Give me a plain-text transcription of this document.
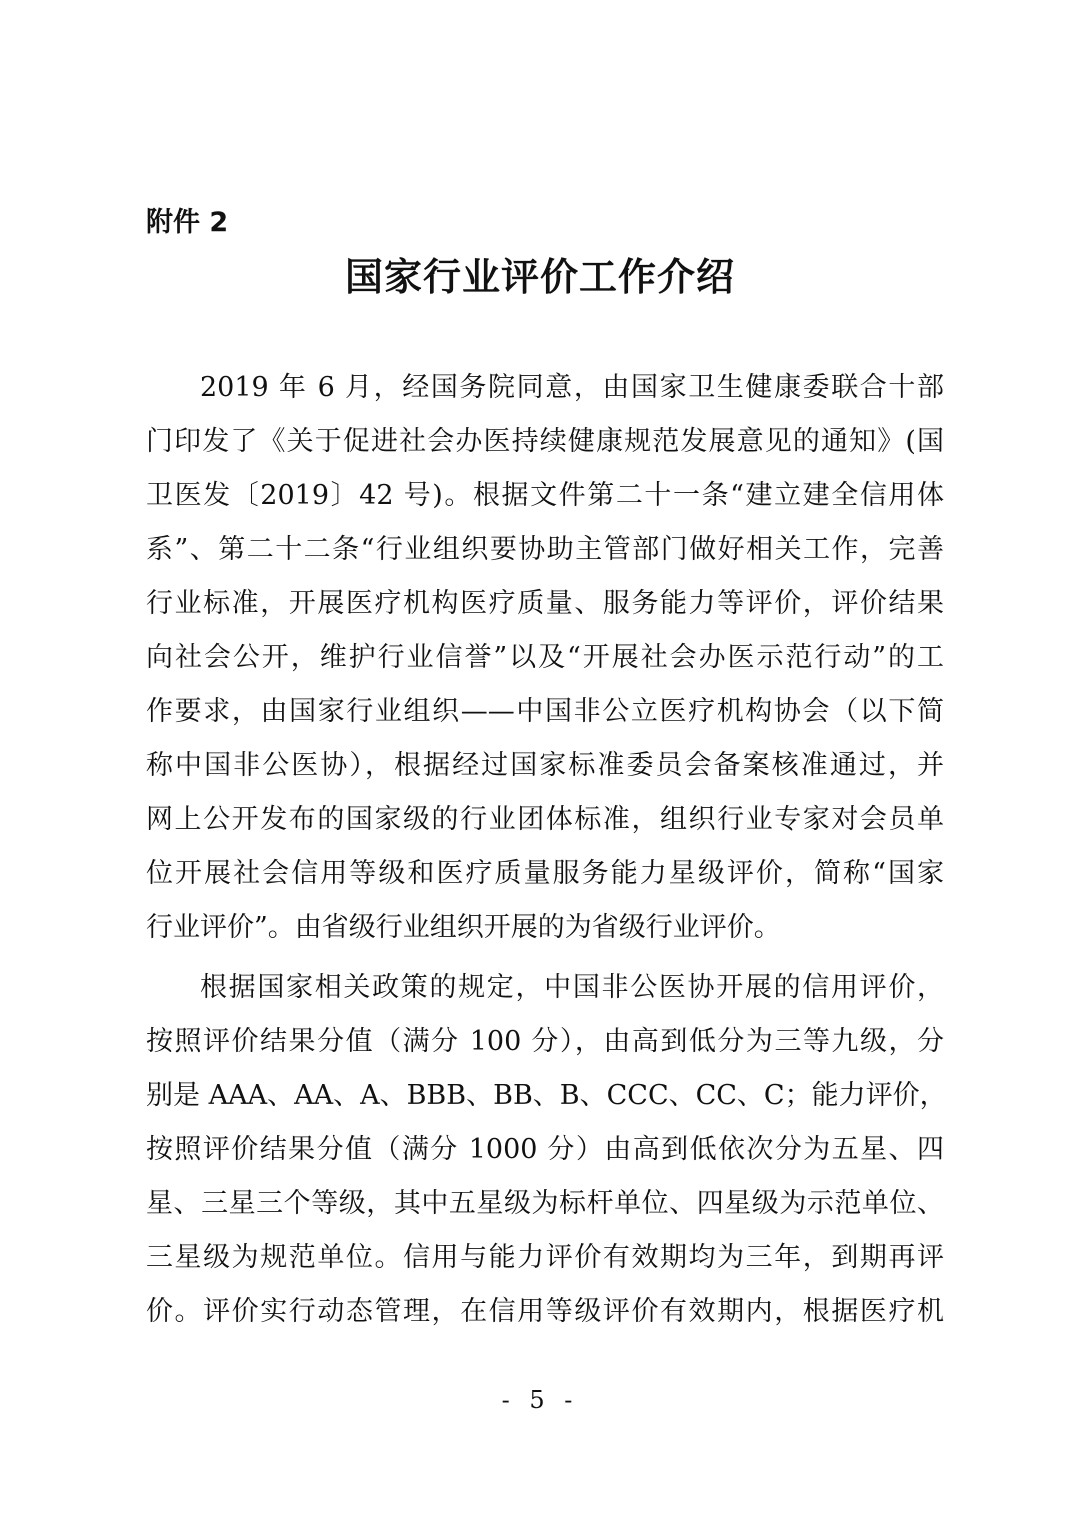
附件 2
国家行业评价工作介绍
2019 年 6 月，经国务院同意，由国家卫生健康委联合十部
门印发了《关于促进社会办医持续健康规范发展意见的通知》(国
卫医发〔2019〕42 号)。根据文件第二十一条“建立建全信用体
系”、第二十二条“行业组织要协助主管部门做好相关工作，完善
行业标准，开展医疗机构医疗质量、服务能力等评价，评价结果
向社会公开，维护行业信誉”以及“开展社会办医示范行动”的工
作要求，由国家行业组织——中国非公立医疗机构协会（以下简
称中国非公医协），根据经过国家标准委员会备案核准通过，并
网上公开发布的国家级的行业团体标准，组织行业专家对会员单
位开展社会信用等级和医疗质量服务能力星级评价，简称“国家
行业评价”。由省级行业组织开展的为省级行业评价。
根据国家相关政策的规定，中国非公医协开展的信用评价，
按照评价结果分值（满分 100 分），由高到低分为三等九级，分
别是 AAA、AA、A、BBB、BB、B、CCC、CC、C；能力评价，
按照评价结果分值（满分 1000 分）由高到低依次分为五星、四
星、三星三个等级，其中五星级为标杆单位、四星级为示范单位、
三星级为规范单位。信用与能力评价有效期均为三年，到期再评
价。评价实行动态管理，在信用等级评价有效期内，根据医疗机
- 5 -
